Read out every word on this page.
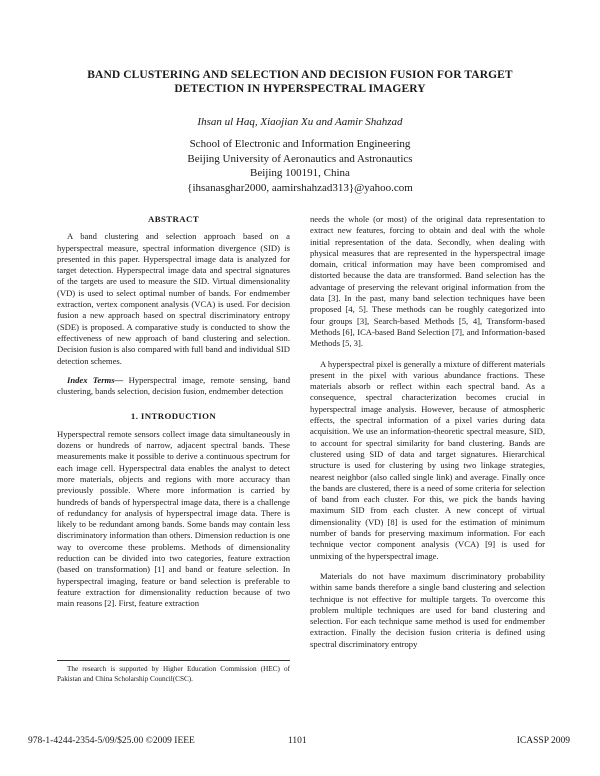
BAND CLUSTERING AND SELECTION AND DECISION FUSION FOR TARGET
DETECTION IN HYPERSPECTRAL IMAGERY
Ihsan ul Haq, Xiaojian Xu and Aamir Shahzad
School of Electronic and Information Engineering
Beijing University of Aeronautics and Astronautics
Beijing 100191, China
{ihsanasghar2000, aamirshahzad313}@yahoo.com
ABSTRACT

A band clustering and selection approach based on a hyperspectral measure, spectral information divergence (SID) is presented in this paper. Hyperspectral image data is analyzed for target detection. Hyperspectral image data and spectral signatures of the targets are used to measure the SID. Virtual dimensionality (VD) is used to select optimal number of bands. For endmember extraction, vertex component analysis (VCA) is used. For decision fusion a new approach based on spectral discriminatory entropy (SDE) is proposed. A comparative study is conducted to show the effectiveness of new approach of band clustering and selection. Decision fusion is also compared with full band and individual SID detection schemes.

Index Terms— Hyperspectral image, remote sensing, band clustering, bands selection, decision fusion, endmember detection

1. INTRODUCTION

Hyperspectral remote sensors collect image data simultaneously in dozens or hundreds of narrow, adjacent spectral bands. These measurements make it possible to derive a continuous spectrum for each image cell. Hyperspectral data enables the analyst to detect more materials, objects and regions with more accuracy than previously possible. Where more information is carried by hundreds of bands of hyperspectral image data, there is a challenge of redundancy for analysis of hyperspectral image data. There is likely to be redundant among bands. Some bands may contain less discriminatory information than others. Dimension reduction is one way to overcome these problems. Methods of dimensionality reduction can be divided into two categories, feature extraction (based on transformation) [1] and band or feature selection. In hyperspectral imaging, feature or band selection is preferable to feature extraction for dimensionality reduction because of two main reasons [2]. First, feature extraction

The research is supported by Higher Education Commission (HEC) of Pakistan and China Scholarship Council(CSC).

needs the whole (or most) of the original data representation to extract new features, forcing to obtain and deal with the whole initial representation of the data. Secondly, when dealing with physical measures that are represented in the hyperspectral image domain, critical information may have been compromised and distorted because the data are transformed. Band selection has the advantage of preserving the relevant original information from the data [3]. In the past, many band selection techniques have been proposed [4, 5]. These methods can be roughly categorized into four groups [3], Search-based Methods [5, 4], Transform-based Methods [6], ICA-based Band Selection [7], and Information-based Methods [5, 3].

A hyperspectral pixel is generally a mixture of different materials present in the pixel with various abundance fractions. These materials absorb or reflect within each spectral band. As a consequence, spectral characterization becomes crucial in hyperspectral image analysis. However, because of atmospheric effects, the spectral information of a pixel varies during data acquisition. We use an information-theoretic spectral measure, SID, to account for spectral similarity for band clustering. Bands are clustered using SID of data and target signatures. Hierarchical structure is used for clustering by using two linkage strategies, nearest neighbor (also called single link) and average. Finally once the bands are clustered, there is a need of some criteria for selection of band from each cluster. For this, we pick the bands having maximum SID from each cluster. A new concept of virtual dimensionality (VD) [8] is used for the estimation of minimum number of bands for preserving maximum information. For each technique vector component analysis (VCA) [9] is used for unmixing of the hyperspectral image.

Materials do not have maximum discriminatory probability within same bands therefore a single band clustering and selection technique is not effective for multiple targets. To overcome this problem multiple techniques are used for band clustering and selection. For each technique same method is used for endmember extraction. Finally the decision fusion criteria is defined using spectral discriminatory entropy

978-1-4244-2354-5/09/$25.00 ©2009 IEEE	1101	ICASSP 2009
